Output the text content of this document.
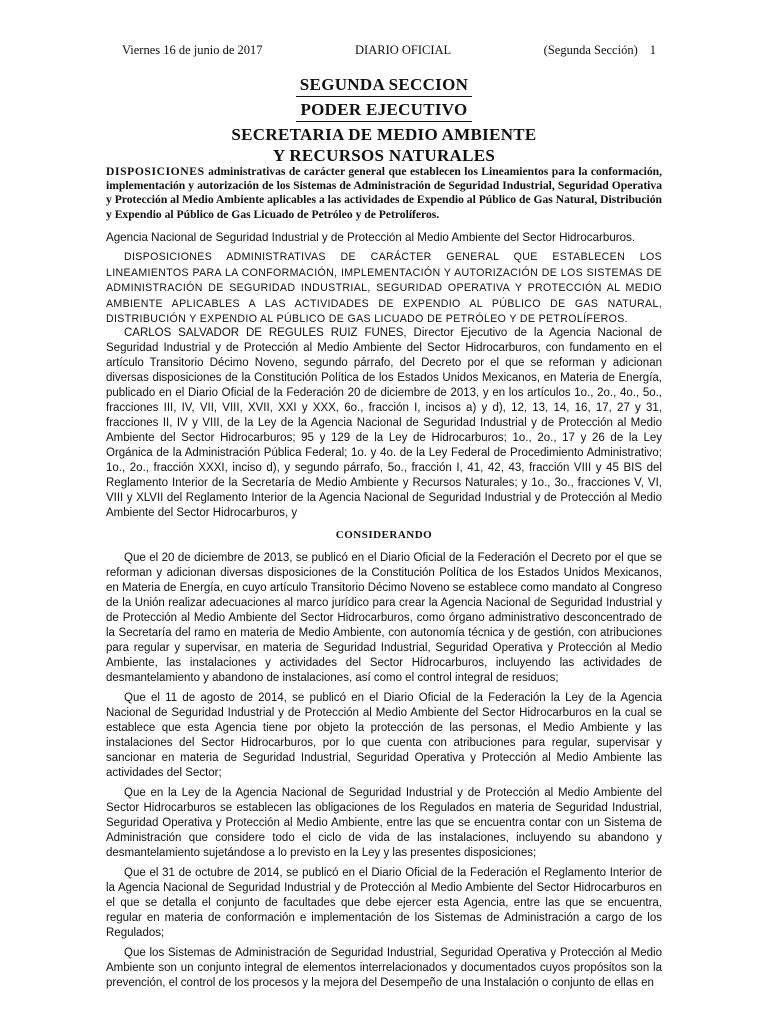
Viernes 16 de junio de 2017	DIARIO OFICIAL	(Segunda Sección) 1
SEGUNDA SECCION
PODER EJECUTIVO
SECRETARIA DE MEDIO AMBIENTE
Y RECURSOS NATURALES
DISPOSICIONES administrativas de carácter general que establecen los Lineamientos para la conformación, implementación y autorización de los Sistemas de Administración de Seguridad Industrial, Seguridad Operativa y Protección al Medio Ambiente aplicables a las actividades de Expendio al Público de Gas Natural, Distribución y Expendio al Público de Gas Licuado de Petróleo y de Petrolíferos.
Agencia Nacional de Seguridad Industrial y de Protección al Medio Ambiente del Sector Hidrocarburos.
DISPOSICIONES ADMINISTRATIVAS DE CARÁCTER GENERAL QUE ESTABLECEN LOS LINEAMIENTOS PARA LA CONFORMACIÓN, IMPLEMENTACIÓN Y AUTORIZACIÓN DE LOS SISTEMAS DE ADMINISTRACIÓN DE SEGURIDAD INDUSTRIAL, SEGURIDAD OPERATIVA Y PROTECCIÓN AL MEDIO AMBIENTE APLICABLES A LAS ACTIVIDADES DE EXPENDIO AL PÚBLICO DE GAS NATURAL, DISTRIBUCIÓN Y EXPENDIO AL PÚBLICO DE GAS LICUADO DE PETRÓLEO Y DE PETROLÍFEROS.

CARLOS SALVADOR DE REGULES RUIZ FUNES, Director Ejecutivo de la Agencia Nacional de Seguridad Industrial y de Protección al Medio Ambiente del Sector Hidrocarburos, con fundamento en el artículo Transitorio Décimo Noveno, segundo párrafo, del Decreto por el que se reforman y adicionan diversas disposiciones de la Constitución Política de los Estados Unidos Mexicanos, en Materia de Energía, publicado en el Diario Oficial de la Federación 20 de diciembre de 2013, y en los artículos 1o., 2o., 4o., 5o., fracciones III, IV, VII, VIII, XVII, XXI y XXX, 6o., fracción I, incisos a) y d), 12, 13, 14, 16, 17, 27 y 31, fracciones II, IV y VIII, de la Ley de la Agencia Nacional de Seguridad Industrial y de Protección al Medio Ambiente del Sector Hidrocarburos; 95 y 129 de la Ley de Hidrocarburos; 1o., 2o., 17 y 26 de la Ley Orgánica de la Administración Pública Federal; 1o. y 4o. de la Ley Federal de Procedimiento Administrativo; 1o., 2o., fracción XXXI, inciso d), y segundo párrafo, 5o., fracción I, 41, 42, 43, fracción VIII y 45 BIS del Reglamento Interior de la Secretaría de Medio Ambiente y Recursos Naturales; y 1o., 3o., fracciones V, VI, VIII y XLVII del Reglamento Interior de la Agencia Nacional de Seguridad Industrial y de Protección al Medio Ambiente del Sector Hidrocarburos, y

CONSIDERANDO

Que el 20 de diciembre de 2013, se publicó en el Diario Oficial de la Federación el Decreto por el que se reforman y adicionan diversas disposiciones de la Constitución Política de los Estados Unidos Mexicanos, en Materia de Energía, en cuyo artículo Transitorio Décimo Noveno se establece como mandato al Congreso de la Unión realizar adecuaciones al marco jurídico para crear la Agencia Nacional de Seguridad Industrial y de Protección al Medio Ambiente del Sector Hidrocarburos, como órgano administrativo desconcentrado de la Secretaría del ramo en materia de Medio Ambiente, con autonomía técnica y de gestión, con atribuciones para regular y supervisar, en materia de Seguridad Industrial, Seguridad Operativa y Protección al Medio Ambiente, las instalaciones y actividades del Sector Hidrocarburos, incluyendo las actividades de desmantelamiento y abandono de instalaciones, así como el control integral de residuos;

Que el 11 de agosto de 2014, se publicó en el Diario Oficial de la Federación la Ley de la Agencia Nacional de Seguridad Industrial y de Protección al Medio Ambiente del Sector Hidrocarburos en la cual se establece que esta Agencia tiene por objeto la protección de las personas, el Medio Ambiente y las instalaciones del Sector Hidrocarburos, por lo que cuenta con atribuciones para regular, supervisar y sancionar en materia de Seguridad Industrial, Seguridad Operativa y Protección al Medio Ambiente las actividades del Sector;

Que en la Ley de la Agencia Nacional de Seguridad Industrial y de Protección al Medio Ambiente del Sector Hidrocarburos se establecen las obligaciones de los Regulados en materia de Seguridad Industrial, Seguridad Operativa y Protección al Medio Ambiente, entre las que se encuentra contar con un Sistema de Administración que considere todo el ciclo de vida de las instalaciones, incluyendo su abandono y desmantelamiento sujetándose a lo previsto en la Ley y las presentes disposiciones;

Que el 31 de octubre de 2014, se publicó en el Diario Oficial de la Federación el Reglamento Interior de la Agencia Nacional de Seguridad Industrial y de Protección al Medio Ambiente del Sector Hidrocarburos en el que se detalla el conjunto de facultades que debe ejercer esta Agencia, entre las que se encuentra, regular en materia de conformación e implementación de los Sistemas de Administración a cargo de los Regulados;

Que los Sistemas de Administración de Seguridad Industrial, Seguridad Operativa y Protección al Medio Ambiente son un conjunto integral de elementos interrelacionados y documentados cuyos propósitos son la prevención, el control de los procesos y la mejora del Desempeño de una Instalación o conjunto de ellas en
